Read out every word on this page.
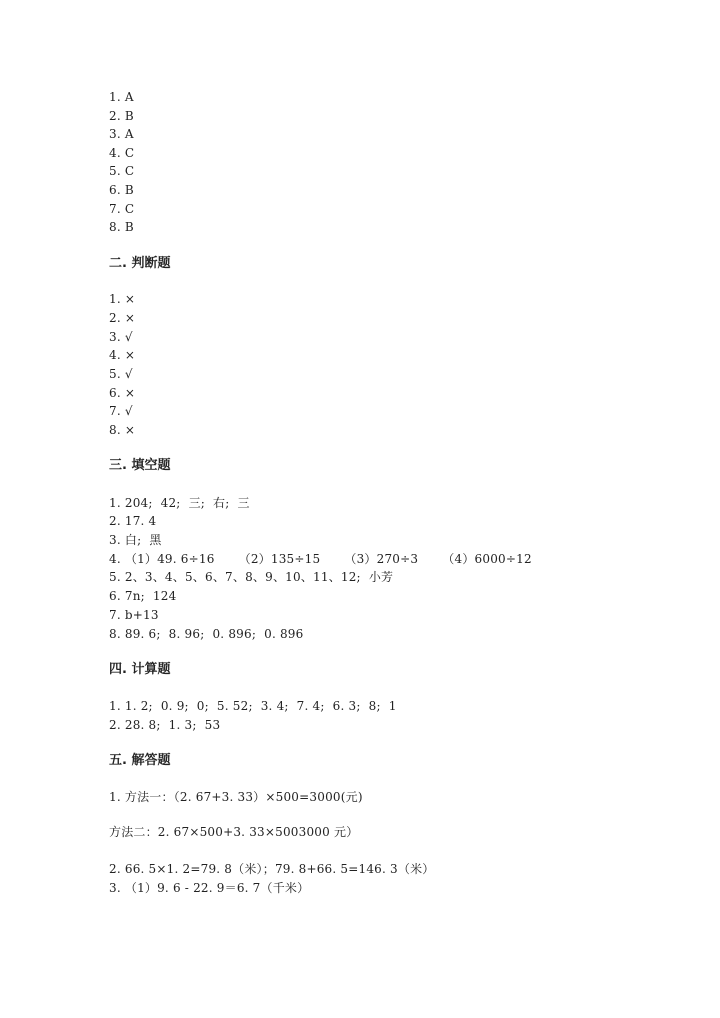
1. A
2. B
3. A
4. C
5. C
6. B
7. C
8. B
二. 判断题
1. ×
2. ×
3. √
4. ×
5. √
6. ×
7. √
8. ×
三. 填空题
1. 204;  42;  三;  右;  三
2. 17. 4
3. 白;  黑
4. （1）49. 6÷16      （2）135÷15      （3）270÷3      （4）6000÷12
5. 2、3、4、5、6、7、8、9、10、11、12;  小芳
6. 7n;  124
7. b+13
8. 89. 6;  8. 96;  0. 896;  0. 896
四. 计算题
1. 1. 2;  0. 9;  0;  5. 52;  3. 4;  7. 4;  6. 3;  8;  1
2. 28. 8;  1. 3;  53
五. 解答题
1. 方法一：（2. 67+3. 33）×500=3000(元)
方法二：2. 67×500+3. 33×5003000 元）
2. 66. 5×1. 2=79. 8（米）；79. 8+66. 5=146. 3（米）
3. （1）9. 6 - 22. 9＝6. 7（千米）
